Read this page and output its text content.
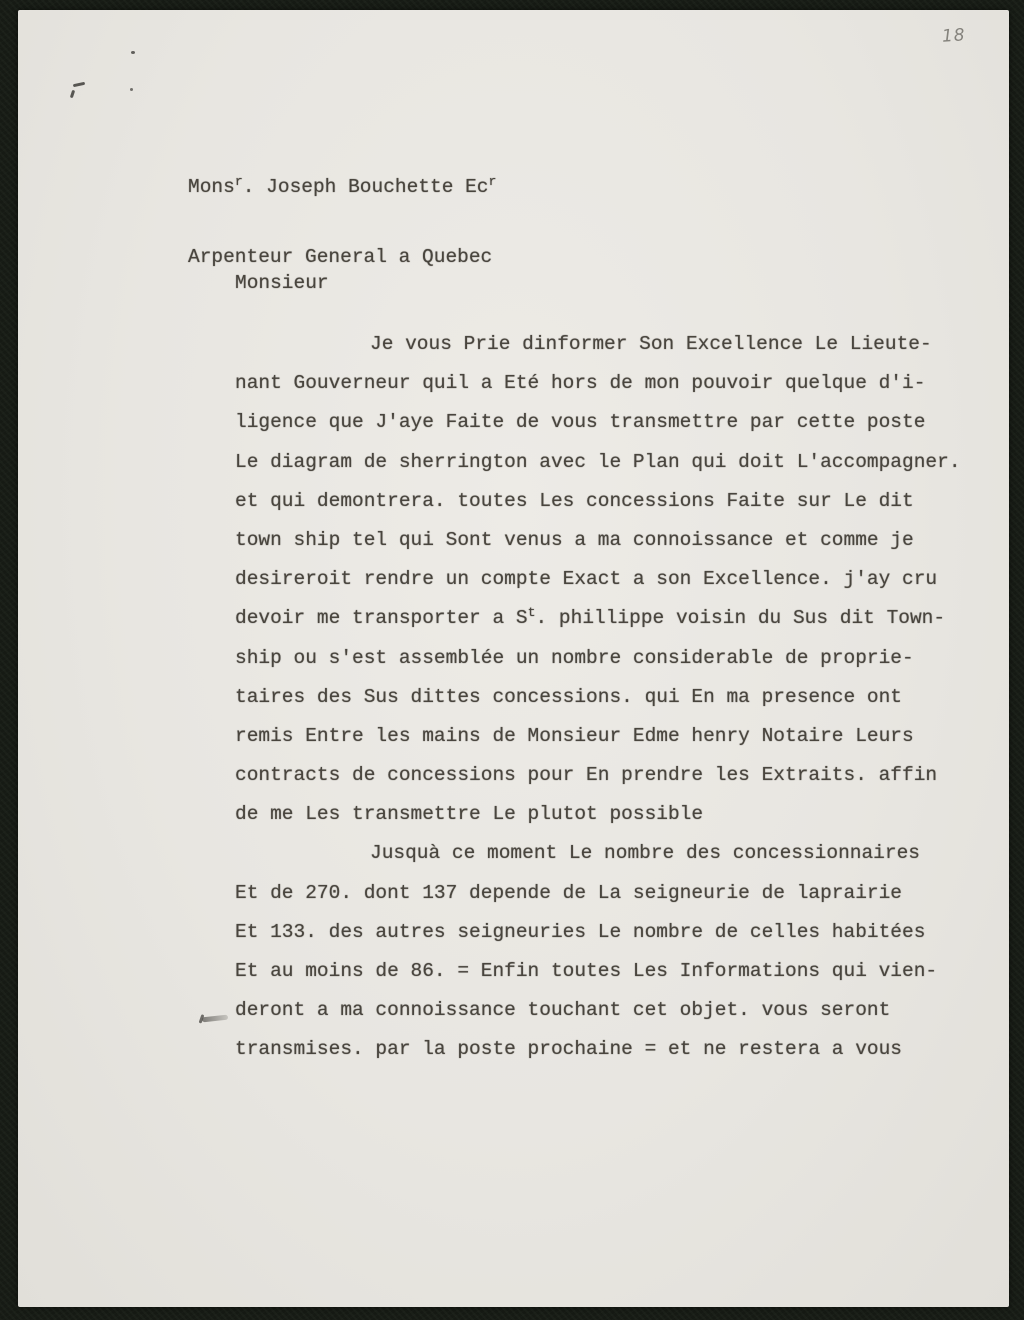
18

Mons$^r$. Joseph Bouchette Ec$^r$

Arpenteur General a Quebec

Monsieur
Je vous Prie dinformer Son Excellence Le Lieute-
nant Gouverneur quil a Eté hors de mon pouvoir quelque d'i-
ligence que J'aye Faite de vous transmettre par cette poste
Le diagram de sherrington avec le Plan qui doit L'accompagner.
et qui demontrera. toutes Les concessions Faite sur Le dit
town ship tel qui Sont venus a ma connoissance et comme je
desireroit rendre un compte Exact a son Excellence. j'ay cru
devoir me transporter a $S^t$. phillippe voisin du Sus dit Town-
ship ou s'est assemblée un nombre considerable de proprie-
taires des Sus dittes concessions. qui En ma presence ont
remis Entre les mains de Monsieur Edme henry Notaire Leurs
contracts de concessions pour En prendre les Extraits. affin
de me Les transmettre Le plutot possible
Jusquà ce moment Le nombre des concessionnaires
Et de 270. dont 137 depende de La seigneurie de laprairie
Et 133. des autres seigneuries Le nombre de celles habitées
Et au moins de 86. = Enfin toutes Les Informations qui vien-
deront a ma connoissance touchant cet objet. vous seront
transmises. par la poste prochaine = et ne restera a vous
